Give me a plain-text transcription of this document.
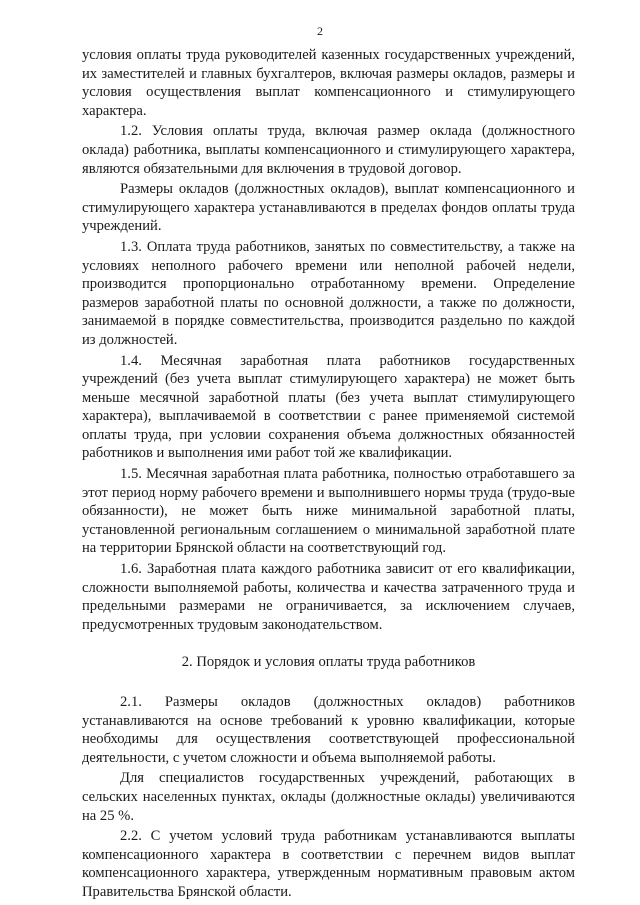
2

условия оплаты труда руководителей казенных государственных учреждений, их заместителей и главных бухгалтеров, включая размеры окладов, размеры и условия осуществления выплат компенсационного и стимулирующего характера.

1.2. Условия оплаты труда, включая размер оклада (должностного оклада) работника, выплаты компенсационного и стимулирующего характера, являются обязательными для включения в трудовой договор.

Размеры окладов (должностных окладов), выплат компенсационного и стимулирующего характера устанавливаются в пределах фондов оплаты труда учреждений.

1.3. Оплата труда работников, занятых по совместительству, а также на условиях неполного рабочего времени или неполной рабочей недели, производится пропорционально отработанному времени. Определение размеров заработной платы по основной должности, а также по должности, занимаемой в порядке совместительства, производится раздельно по каждой из должностей.

1.4. Месячная заработная плата работников государственных учреждений (без учета выплат стимулирующего характера) не может быть меньше месячной заработной платы (без учета выплат стимулирующего характера), выплачиваемой в соответствии с ранее применяемой системой оплаты труда, при условии сохранения объема должностных обязанностей работников и выполнения ими работ той же квалификации.

1.5. Месячная заработная плата работника, полностью отработавшего за этот период норму рабочего времени и выполнившего нормы труда (трудо-вые обязанности), не может быть ниже минимальной заработной платы, установленной региональным соглашением о минимальной заработной плате на территории Брянской области на соответствующий год.

1.6. Заработная плата каждого работника зависит от его квалификации, сложности выполняемой работы, количества и качества затраченного труда и предельными размерами не ограничивается, за исключением случаев, предусмотренных трудовым законодательством.

2. Порядок и условия оплаты труда работников

2.1. Размеры окладов (должностных окладов) работников устанавливаются на основе требований к уровню квалификации, которые необходимы для осуществления соответствующей профессиональной деятельности, с учетом сложности и объема выполняемой работы.

Для специалистов государственных учреждений, работающих в сельских населенных пунктах, оклады (должностные оклады) увеличиваются на 25 %.

2.2. С учетом условий труда работникам устанавливаются выплаты компенсационного характера в соответствии с перечнем видов выплат компенсационного характера, утвержденным нормативным правовым актом Правительства Брянской области.
